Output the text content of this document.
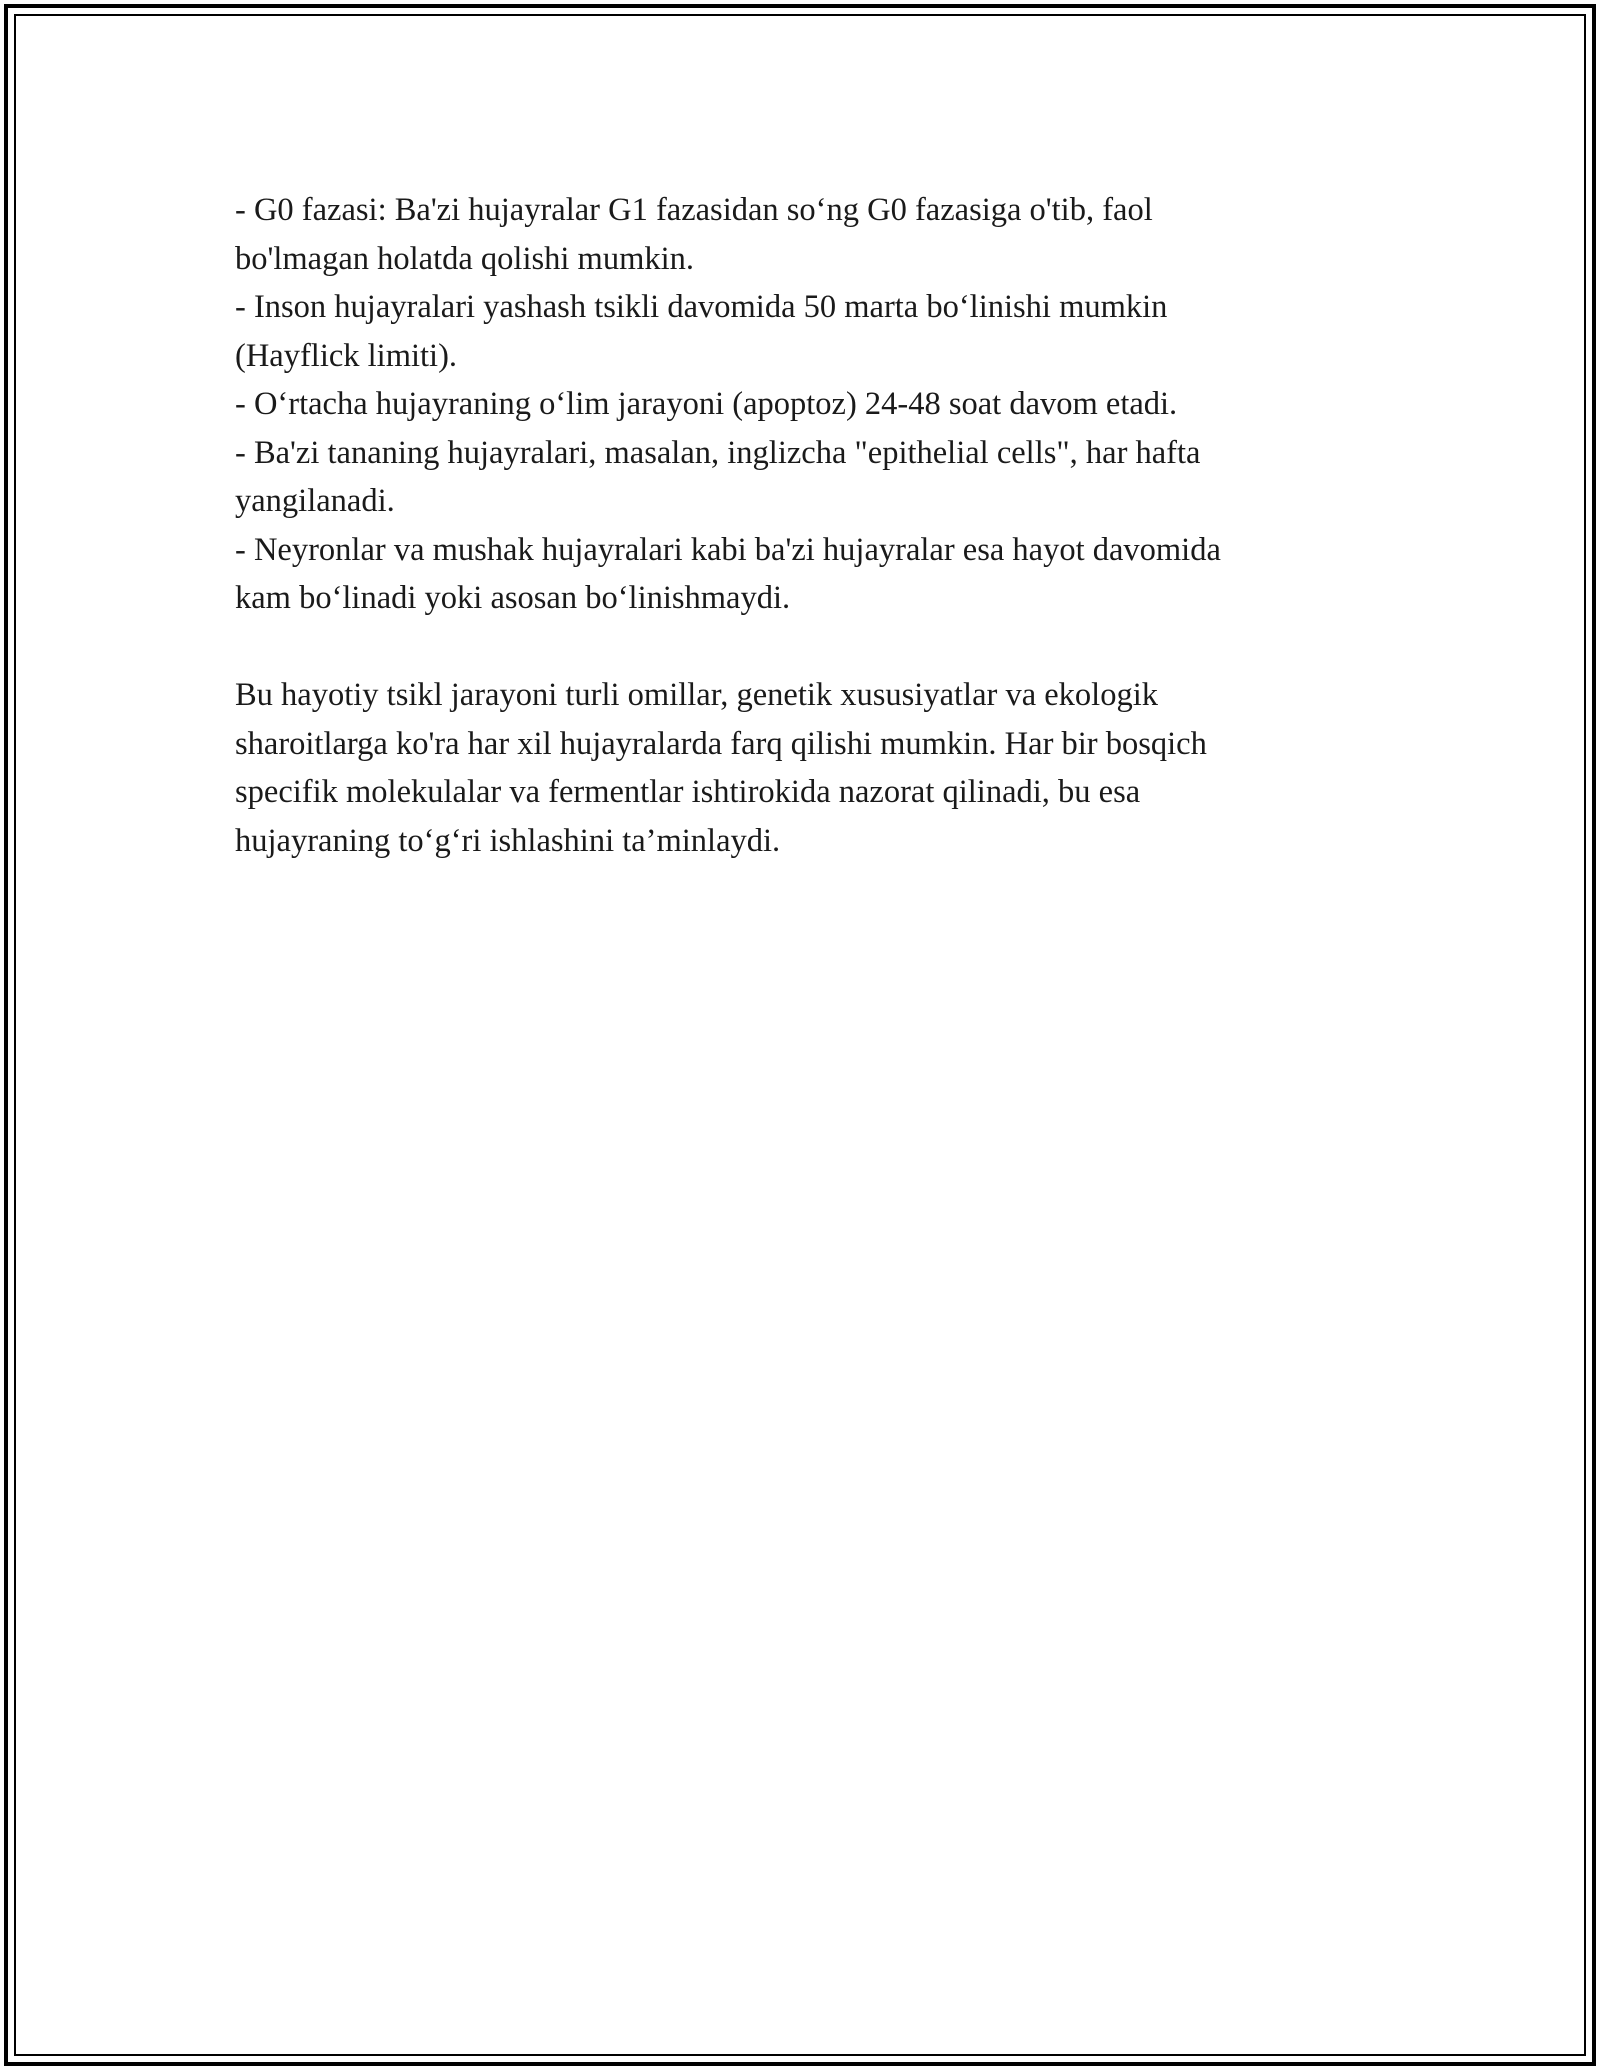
- G0 fazasi: Ba'zi hujayralar G1 fazasidan so‘ng G0 fazasiga o'tib, faol

bo'lmagan holatda qolishi mumkin.

- Inson hujayralari yashash tsikli davomida 50 marta bo‘linishi mumkin

(Hayflick limiti).

- O‘rtacha hujayraning o‘lim jarayoni (apoptoz) 24-48 soat davom etadi.

- Ba'zi tananing hujayralari, masalan, inglizcha "epithelial cells", har hafta

yangilanadi.

- Neyronlar va mushak hujayralari kabi ba'zi hujayralar esa hayot davomida

kam bo‘linadi yoki asosan bo‘linishmaydi.

Bu hayotiy tsikl jarayoni turli omillar, genetik xususiyatlar va ekologik

sharoitlarga ko'ra har xil hujayralarda farq qilishi mumkin. Har bir bosqich

specifik molekulalar va fermentlar ishtirokida nazorat qilinadi, bu esa

hujayraning to‘g‘ri ishlashini ta’minlaydi.
